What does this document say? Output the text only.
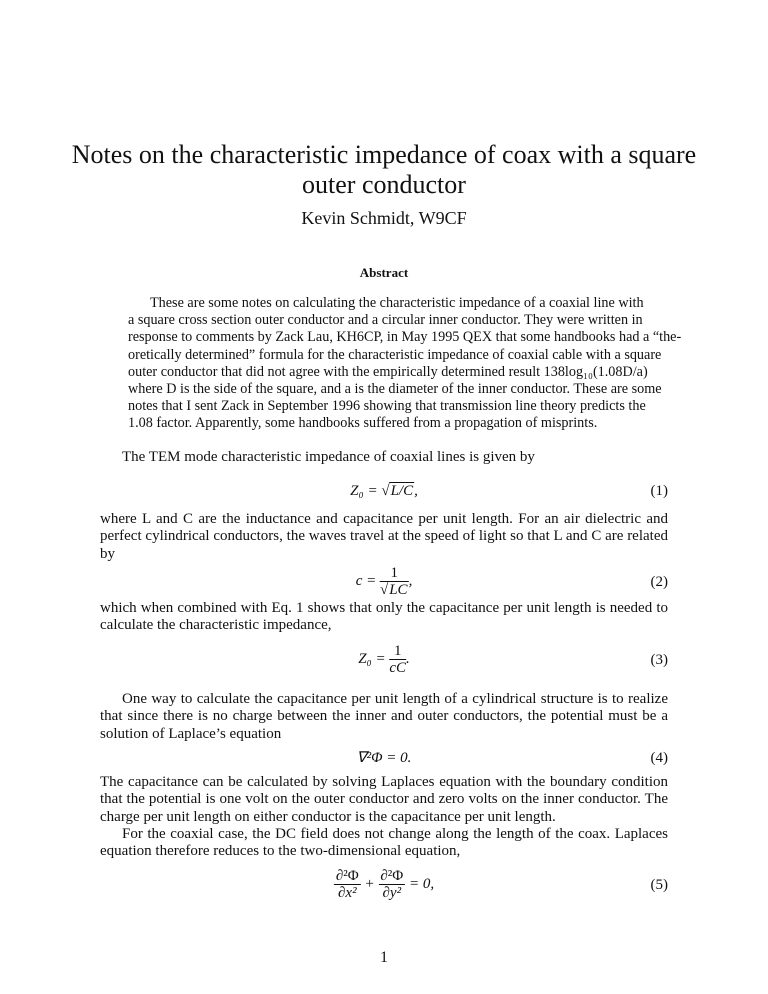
Notes on the characteristic impedance of coax with a square
outer conductor
Kevin Schmidt, W9CF
Abstract
These are some notes on calculating the characteristic impedance of a coaxial line with
a square cross section outer conductor and a circular inner conductor. They were written in
response to comments by Zack Lau, KH6CP, in May 1995 QEX that some handbooks had a “the-
oretically determined” formula for the characteristic impedance of coaxial cable with a square
outer conductor that did not agree with the empirically determined result 138log₁₀(1.08D/a)
where D is the side of the square, and a is the diameter of the inner conductor. These are some
notes that I sent Zack in September 1996 showing that transmission line theory predicts the
1.08 factor. Apparently, some handbooks suffered from a propagation of misprints.
The TEM mode characteristic impedance of coaxial lines is given by
Z₀ = √L/C,	(1)
where L and C are the inductance and capacitance per unit length. For an air dielectric and
perfect cylindrical conductors, the waves travel at the speed of light so that L and C are related
by
$c = \frac{1}{√LC}$ ,	(2)
which when combined with Eq. 1 shows that only the capacitance per unit length is needed to
calculate the characteristic impedance,
$Z_0 = \frac{1}{cC}$ .	(3)
One way to calculate the capacitance per unit length of a cylindrical structure is to realize
that since there is no charge between the inner and outer conductors, the potential must be a
solution of Laplace’s equation
∇²Φ = 0.	(4)
The capacitance can be calculated by solving Laplaces equation with the boundary condition
that the potential is one volt on the outer conductor and zero volts on the inner conductor. The
charge per unit length on either conductor is the capacitance per unit length.
For the coaxial case, the DC field does not change along the length of the coax. Laplaces
equation therefore reduces to the two-dimensional equation,
$\frac{\text{∂²Φ}}{\text{∂x²}} + \frac{\text{∂²Φ}}{\text{∂y²}} = 0$,	(5)
1
